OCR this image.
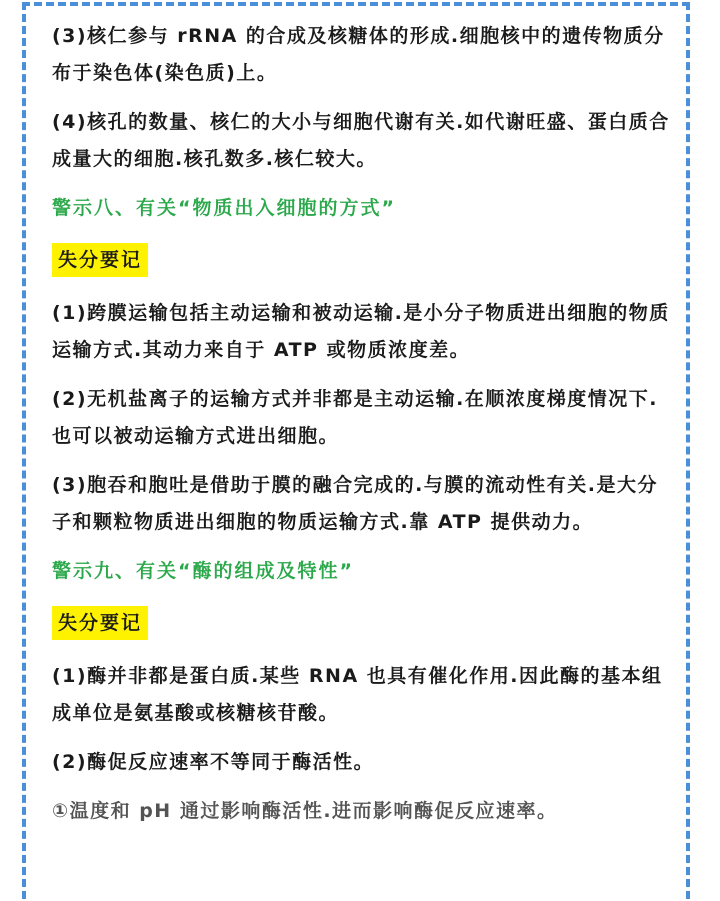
(3)核仁参与 rRNA 的合成及核糖体的形成.细胞核中的遗传物质分布于染色体(染色质)上。

(4)核孔的数量、核仁的大小与细胞代谢有关.如代谢旺盛、蛋白质合成量大的细胞.核孔数多.核仁较大。

警示八、有关“物质出入细胞的方式”
失分要记

(1)跨膜运输包括主动运输和被动运输.是小分子物质进出细胞的物质运输方式.其动力来自于 ATP 或物质浓度差。

(2)无机盐离子的运输方式并非都是主动运输.在顺浓度梯度情况下.也可以被动运输方式进出细胞。

(3)胞吞和胞吐是借助于膜的融合完成的.与膜的流动性有关.是大分子和颗粒物质进出细胞的物质运输方式.靠 ATP 提供动力。

警示九、有关“酶的组成及特性”
失分要记

(1)酶并非都是蛋白质.某些 RNA 也具有催化作用.因此酶的基本组成单位是氨基酸或核糖核苷酸。

(2)酶促反应速率不等同于酶活性。

①温度和 pH 通过影响酶活性.进而影响酶促反应速率。
